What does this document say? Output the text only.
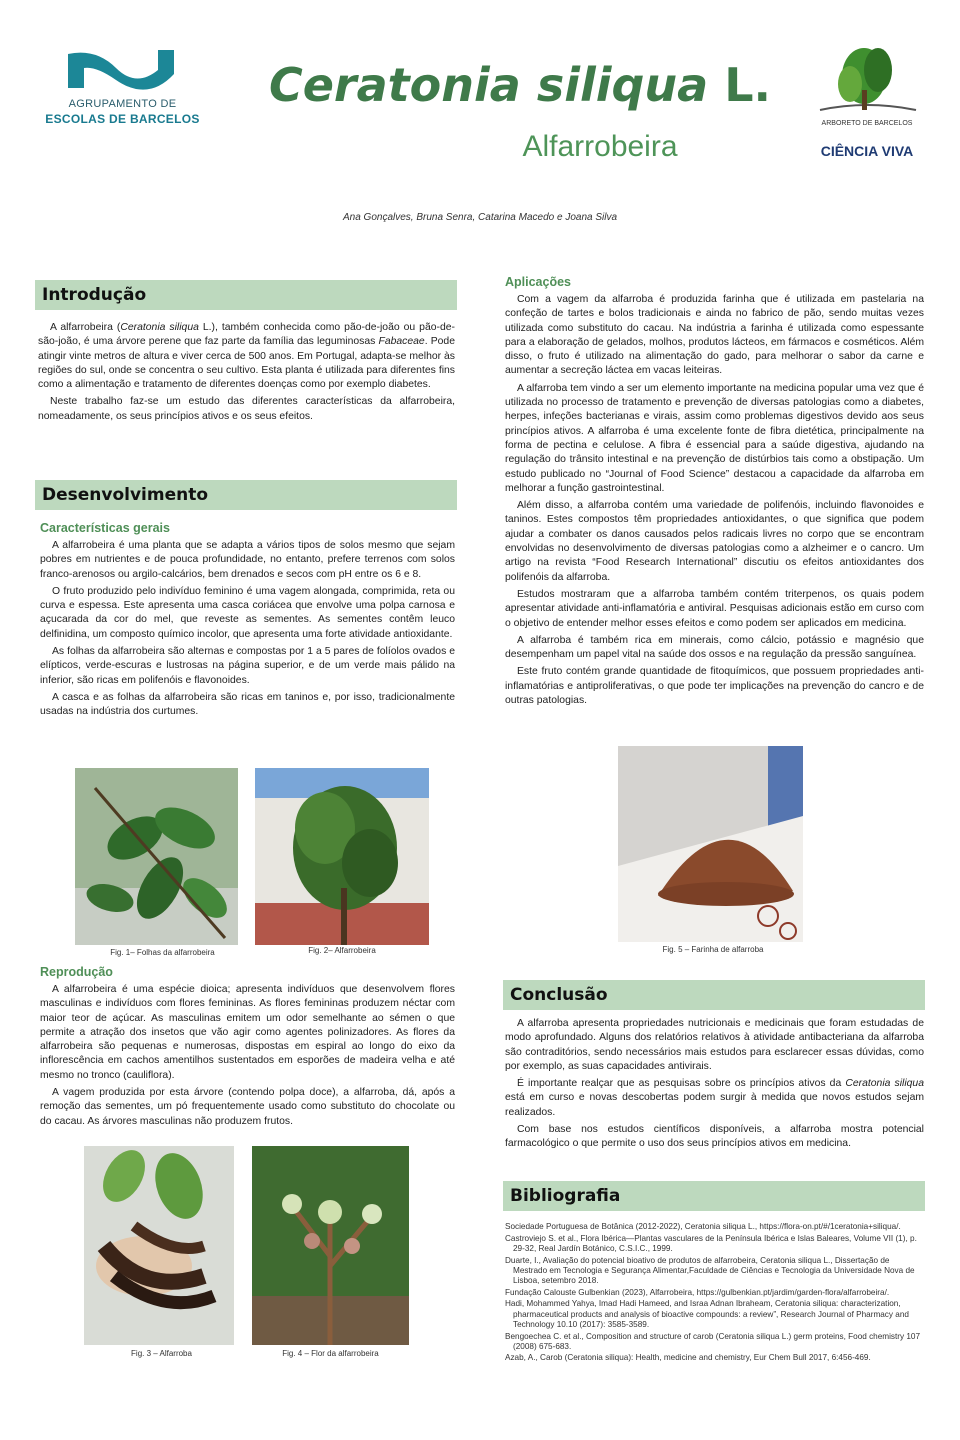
AGRUPAMENTO DE
ESCOLAS DE BARCELOS
Ceratonia siliqua L.
Alfarrobeira
ARBORETO DE BARCELOS
CIÊNCIA VIVA
Ana Gonçalves, Bruna Senra, Catarina Macedo e Joana Silva
Introdução

A alfarrobeira (Ceratonia siliqua L.), também conhecida como pão-de-joão ou pão-de-são-joão, é uma árvore perene que faz parte da família das leguminosas Fabaceae. Pode atingir vinte metros de altura e viver cerca de 500 anos. Em Portugal, adapta-se melhor às regiões do sul, onde se concentra o seu cultivo. Esta planta é utilizada para diferentes fins como a alimentação e tratamento de diferentes doenças como por exemplo diabetes.

Neste trabalho faz-se um estudo das diferentes características da alfarrobeira, nomeadamente, os seus princípios ativos e os seus efeitos.

Desenvolvimento
Características gerais

A alfarrobeira é uma planta que se adapta a vários tipos de solos mesmo que sejam pobres em nutrientes e de pouca profundidade, no entanto, prefere terrenos com solos franco-arenosos ou argilo-calcários, bem drenados e secos com pH entre os 6 e 8.

O fruto produzido pelo indivíduo feminino é uma vagem alongada, comprimida, reta ou curva e espessa. Este apresenta uma casca coriácea que envolve uma polpa carnosa e açucarada da cor do mel, que reveste as sementes. As sementes contêm leuco delfinidina, um composto químico incolor, que apresenta uma forte atividade antioxidante.

As folhas da alfarrobeira são alternas e compostas por 1 a 5 pares de folíolos ovados e elípticos, verde-escuras e lustrosas na página superior, e de um verde mais pálido na inferior, são ricas em polifenóis e flavonoides.

A casca e as folhas da alfarrobeira são ricas em taninos e, por isso, tradicionalmente usadas na indústria dos curtumes.

Fig. 1– Folhas da alfarrobeira	Fig. 2– Alfarrobeira
Reprodução

A alfarrobeira é uma espécie dioica; apresenta indivíduos que desenvolvem flores masculinas e indivíduos com flores femininas. As flores femininas produzem néctar com maior teor de açúcar. As masculinas emitem um odor semelhante ao sémen o que permite a atração dos insetos que vão agir como agentes polinizadores. As flores da alfarrobeira são pequenas e numerosas, dispostas em espiral ao longo do eixo da inflorescência em cachos amentilhos sustentados em esporões de madeira velha e até mesmo no tronco (cauliflora).

A vagem produzida por esta árvore (contendo polpa doce), a alfarroba, dá, após a remoção das sementes, um pó frequentemente usado como substituto do chocolate ou do cacau. As árvores masculinas não produzem frutos.

Fig. 3 – Alfarroba	Fig. 4 – Flor da alfarrobeira
Aplicações

Com a vagem da alfarroba é produzida farinha que é utilizada em pastelaria na confeção de tartes e bolos tradicionais e ainda no fabrico de pão, sendo muitas vezes utilizada como substituto do cacau. Na indústria a farinha é utilizada como espessante para a elaboração de gelados, molhos, produtos lácteos, em fármacos e cosméticos. Além disso, o fruto é utilizado na alimentação do gado, para melhorar o sabor da carne e aumentar a secreção láctea em vacas leiteiras.

A alfarroba tem vindo a ser um elemento importante na medicina popular uma vez que é utilizada no processo de tratamento e prevenção de diversas patologias como a diabetes, herpes, infeções bacterianas e virais, assim como problemas digestivos devido aos seus princípios ativos. A alfarroba é uma excelente fonte de fibra dietética, principalmente na forma de pectina e celulose. A fibra é essencial para a saúde digestiva, ajudando na regulação do trânsito intestinal e na prevenção de distúrbios tais como a obstipação. Um estudo publicado no “Journal of Food Science” destacou a capacidade da alfarroba em melhorar a função gastrointestinal.

Além disso, a alfarroba contém uma variedade de polifenóis, incluindo flavonoides e taninos. Estes compostos têm propriedades antioxidantes, o que significa que podem ajudar a combater os danos causados pelos radicais livres no corpo que se encontram envolvidas no desenvolvimento de diversas patologias como a alzheimer e o cancro. Um artigo na revista “Food Research International” discutiu os efeitos antioxidantes dos polifenóis da alfarroba.

Estudos mostraram que a alfarroba também contém triterpenos, os quais podem apresentar atividade anti-inflamatória e antiviral. Pesquisas adicionais estão em curso com o objetivo de entender melhor esses efeitos e como podem ser aplicados em medicina.

A alfarroba é também rica em minerais, como cálcio, potássio e magnésio que desempenham um papel vital na saúde dos ossos e na regulação da pressão sanguínea.

Este fruto contém grande quantidade de fitoquímicos, que possuem propriedades anti-inflamatórias e antiproliferativas, o que pode ter implicações na prevenção do cancro e de outras patologias.

Fig. 5 – Farinha de alfarroba
Conclusão

A alfarroba apresenta propriedades nutricionais e medicinais que foram estudadas de modo aprofundado. Alguns dos relatórios relativos à atividade antibacteriana da alfarroba são contraditórios, sendo necessários mais estudos para esclarecer essas dúvidas, como por exemplo, as suas capacidades antivirais.

É importante realçar que as pesquisas sobre os princípios ativos da Ceratonia siliqua está em curso e novas descobertas podem surgir à medida que novos estudos sejam realizados.

Com base nos estudos científicos disponíveis, a alfarroba mostra potencial farmacológico o que permite o uso dos seus princípios ativos em medicina.

Bibliografia
Sociedade Portuguesa de Botânica (2012-2022), Ceratonia siliqua L., https://flora-on.pt/#/1ceratonia+siliqua/.
Castroviejo S. et al., Flora Ibérica—Plantas vasculares de la Península Ibérica e Islas Baleares, Volume VII (1), p. 29-32, Real Jardín Botánico, C.S.I.C., 1999.
Duarte, I., Avaliação do potencial bioativo de produtos de alfarrobeira, Ceratonia siliqua L., Dissertação de Mestrado em Tecnologia e Segurança Alimentar,Faculdade de Ciências e Tecnologia da Universidade Nova de Lisboa, setembro 2018.
Fundação Calouste Gulbenkian (2023), Alfarrobeira, https://gulbenkian.pt/jardim/garden-flora/alfarrobeira/.
Hadi, Mohammed Yahya, Imad Hadi Hameed, and Israa Adnan Ibraheam, Ceratonia siliqua: characterization, pharmaceutical products and analysis of bioactive compounds: a review”, Research Journal of Pharmacy and Technology 10.10 (2017): 3585-3589.
Bengoechea C. et al., Composition and structure of carob (Ceratonia siliqua L.) germ proteins, Food chemistry 107 (2008) 675-683.
Azab, A., Carob (Ceratonia siliqua): Health, medicine and chemistry, Eur Chem Bull 2017, 6:456-469.
